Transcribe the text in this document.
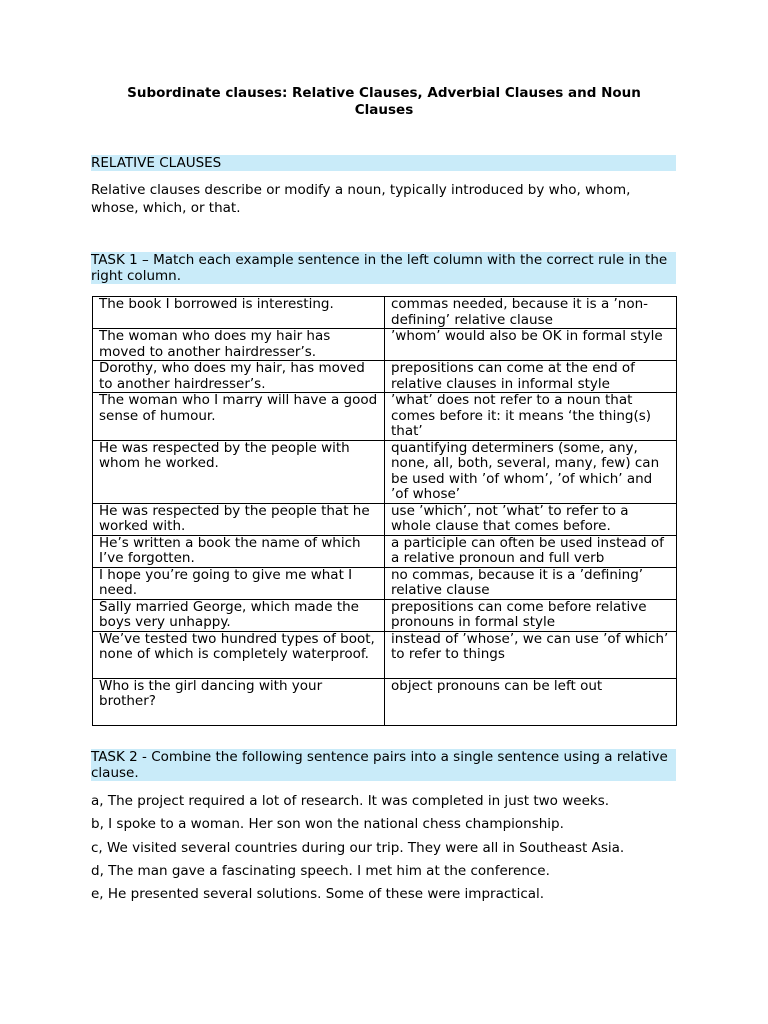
Subordinate clauses: Relative Clauses, Adverbial Clauses and Noun Clauses
RELATIVE CLAUSES
Relative clauses describe or modify a noun, typically introduced by who, whom, whose, which, or that.
TASK 1 – Match each example sentence in the left column with the correct rule in the right column.
The book I borrowed is interesting.	commas needed, because it is a ’non-defining’ relative clause
The woman who does my hair has moved to another hairdresser’s.	’whom’ would also be OK in formal style
Dorothy, who does my hair, has moved to another hairdresser’s.	prepositions can come at the end of relative clauses in informal style
The woman who I marry will have a good sense of humour.	’what’ does not refer to a noun that comes before it: it means ‘the thing(s) that’
He was respected by the people with whom he worked.	quantifying determiners (some, any, none, all, both, several, many, few) can be used with ’of whom’, ’of which’ and ’of whose’
He was respected by the people that he worked with.	use ’which’, not ’what’ to refer to a whole clause that comes before.
He’s written a book the name of which I’ve forgotten.	a participle can often be used instead of a relative pronoun and full verb
I hope you’re going to give me what I need.	no commas, because it is a ’defining’ relative clause
Sally married George, which made the boys very unhappy.	prepositions can come before relative pronouns in formal style
We’ve tested two hundred types of boot, none of which is completely waterproof.	instead of ’whose’, we can use ’of which’ to refer to things
Who is the girl dancing with your brother?	object pronouns can be left out
TASK 2 - Combine the following sentence pairs into a single sentence using a relative clause.
a, The project required a lot of research. It was completed in just two weeks.
b, I spoke to a woman. Her son won the national chess championship.
c, We visited several countries during our trip. They were all in Southeast Asia.
d, The man gave a fascinating speech. I met him at the conference.
e, He presented several solutions. Some of these were impractical.
